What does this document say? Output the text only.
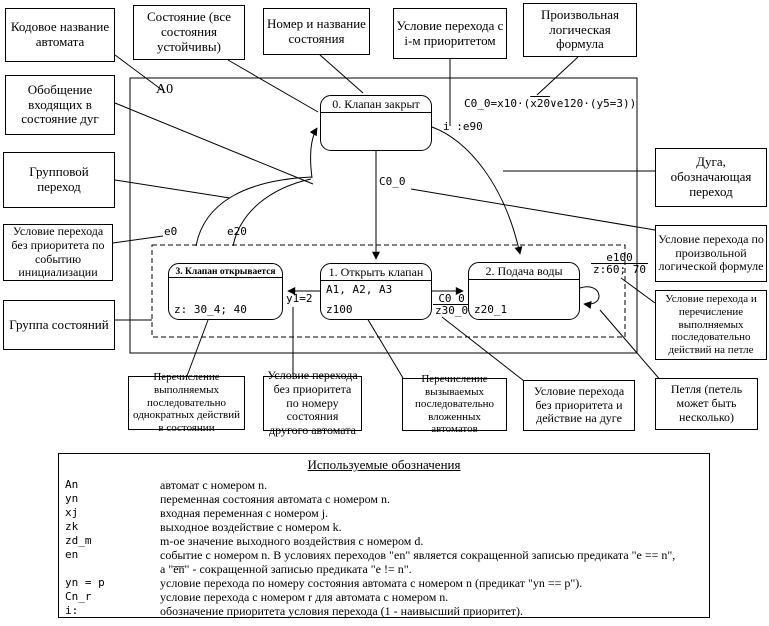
Кодовое название автомата
Состояние (все состояния устойчивы)
Номер и название состояния
Условие перехода с i-м приоритетом
Произвольная логическая формула
Обобщение входящих в состояние дуг
Групповой переход
Условие перехода без приоритета по событию инициализации
Группа состояний
Дуга, обозначающая переход
Условие перехода по произвольной логической формуле
Условие перехода и перечисление выполняемых последовательно действий на петле
Перечисление выполняемых последовательно однократных действий в состоянии
Условие перехода без приоритета по номеру состояния другого автомата
Перечисление вызываемых последовательно вложенных автоматов
Условие перехода без приоритета и действие на дуге
Петля (петель может быть несколько)
A0
C0_0=x10·(x20∨e120·(y5=3))
i :e90
C0_0
e0	e20
y1=2	$\frac{C0\_0}{z30\_0}$
$\frac{e100}{z:60; 70}$
0. Клапан закрыт
1. Открыть клапан
A1, A2, A3
z100
2. Подача воды
z20_1
3. Клапан открывается
z: 30_4; 40
Используемые обозначения
An	автомат с номером n.
yn	переменная состояния автомата с номером n.
xj	входная переменная с номером j.
zk	выходное воздействие с номером k.
zd_m	m-ое значение выходного воздействия с номером d.
en	событие с номером n. В условиях переходов "en" является сокращенной записью предиката "e == n",
а "e̅n̅" - сокращенной записью предиката "e != n".
yn = p	условие перехода по номеру состояния автомата с номером n (предикат "yn == p").
Cn_r	условие перехода с номером r для автомата с номером n.
i:	обозначение приоритета условия перехода (1 - наивысший приоритет).
